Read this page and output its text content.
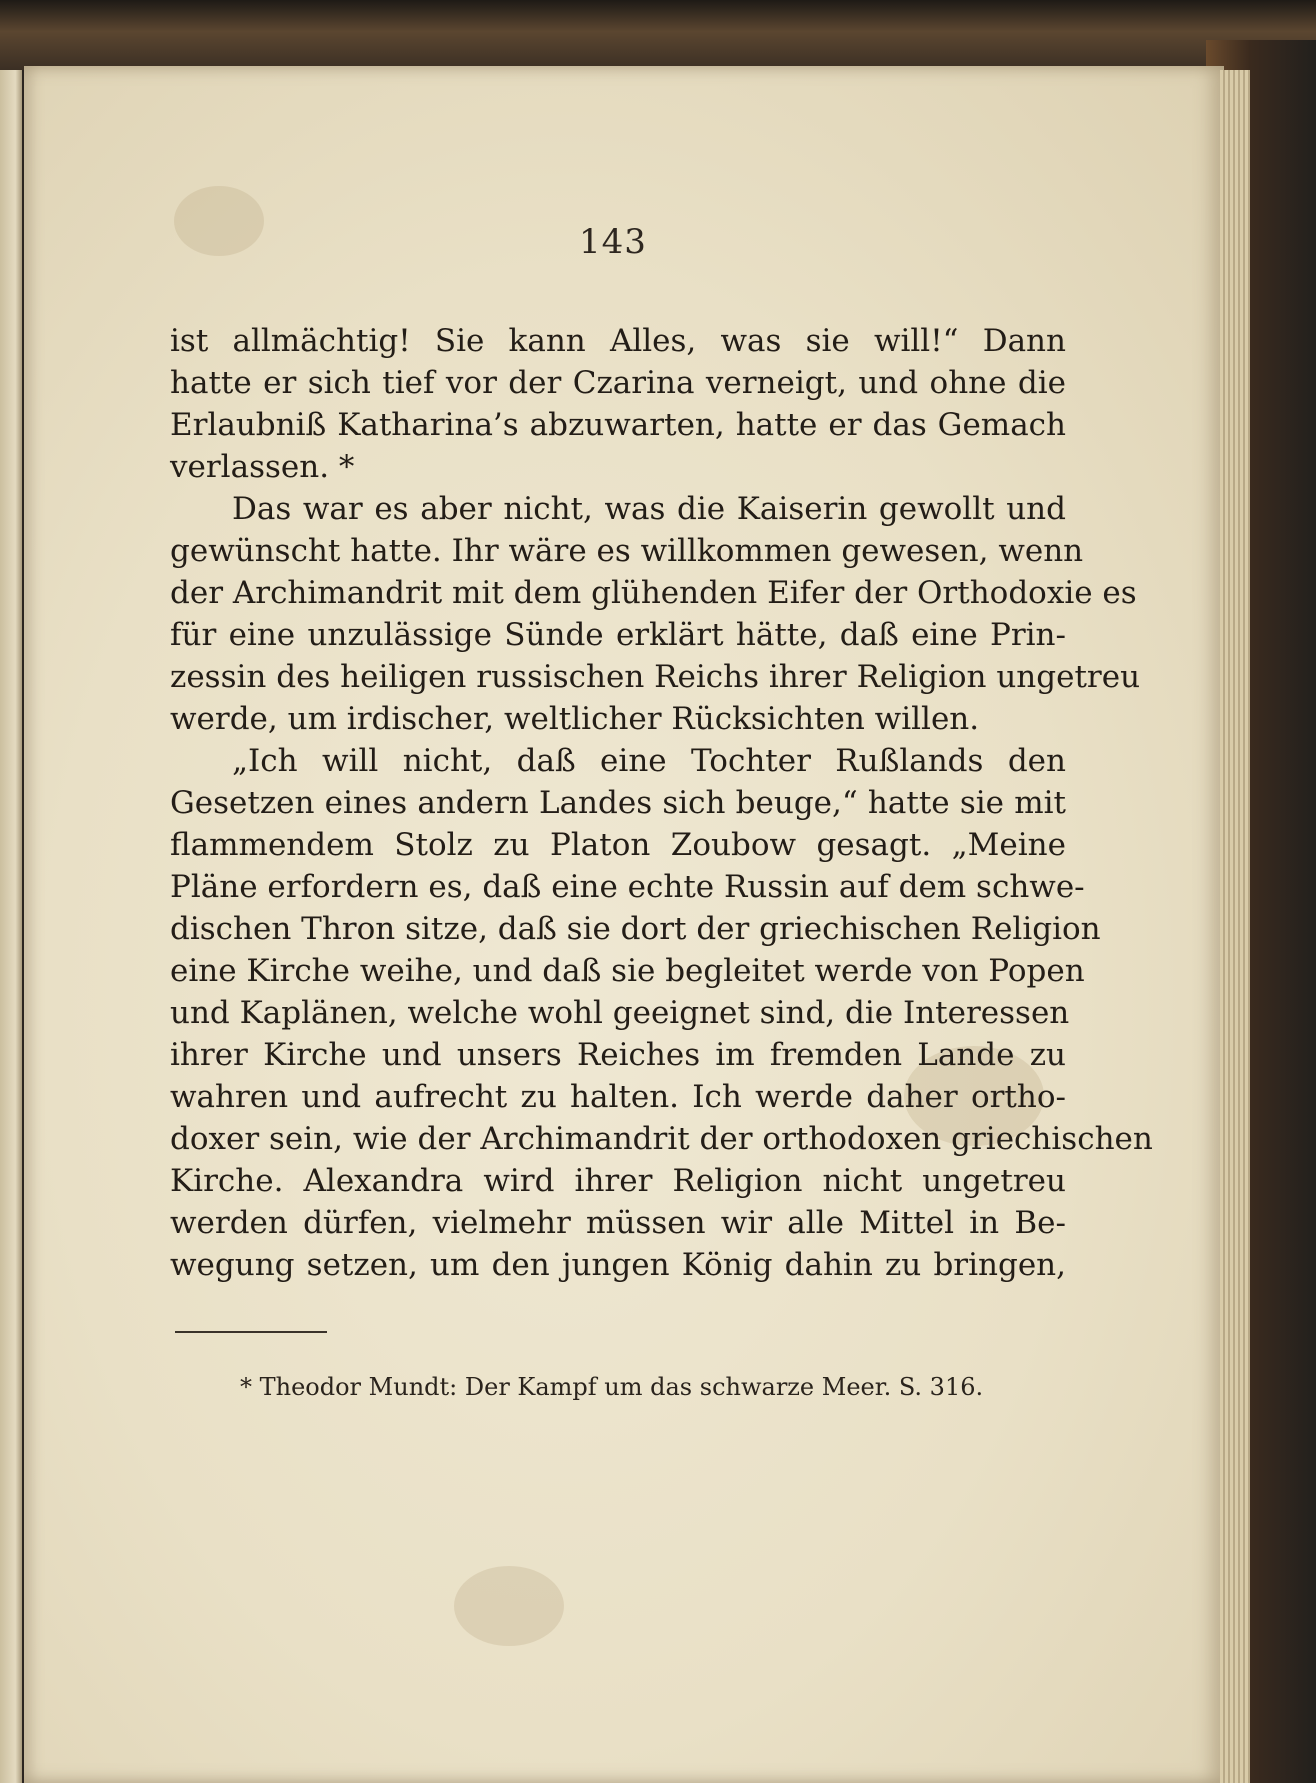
143
ist allmächtig! Sie kann Alles, was sie will!“ Dann
hatte er sich tief vor der Czarina verneigt, und ohne die
Erlaubniß Katharina’s abzuwarten, hatte er das Gemach
verlassen. *
Das war es aber nicht, was die Kaiserin gewollt und
gewünscht hatte. Ihr wäre es willkommen gewesen, wenn
der Archimandrit mit dem glühenden Eifer der Orthodoxie es
für eine unzulässige Sünde erklärt hätte, daß eine Prin-
zessin des heiligen russischen Reichs ihrer Religion ungetreu
werde, um irdischer, weltlicher Rücksichten willen.
„Ich will nicht, daß eine Tochter Rußlands den
Gesetzen eines andern Landes sich beuge,“ hatte sie mit
flammendem Stolz zu Platon Zoubow gesagt. „Meine
Pläne erfordern es, daß eine echte Russin auf dem schwe-
dischen Thron sitze, daß sie dort der griechischen Religion
eine Kirche weihe, und daß sie begleitet werde von Popen
und Kaplänen, welche wohl geeignet sind, die Interessen
ihrer Kirche und unsers Reiches im fremden Lande zu
wahren und aufrecht zu halten. Ich werde daher ortho-
doxer sein, wie der Archimandrit der orthodoxen griechischen
Kirche. Alexandra wird ihrer Religion nicht ungetreu
werden dürfen, vielmehr müssen wir alle Mittel in Be-
wegung setzen, um den jungen König dahin zu bringen,
* Theodor Mundt: Der Kampf um das schwarze Meer. S. 316.
